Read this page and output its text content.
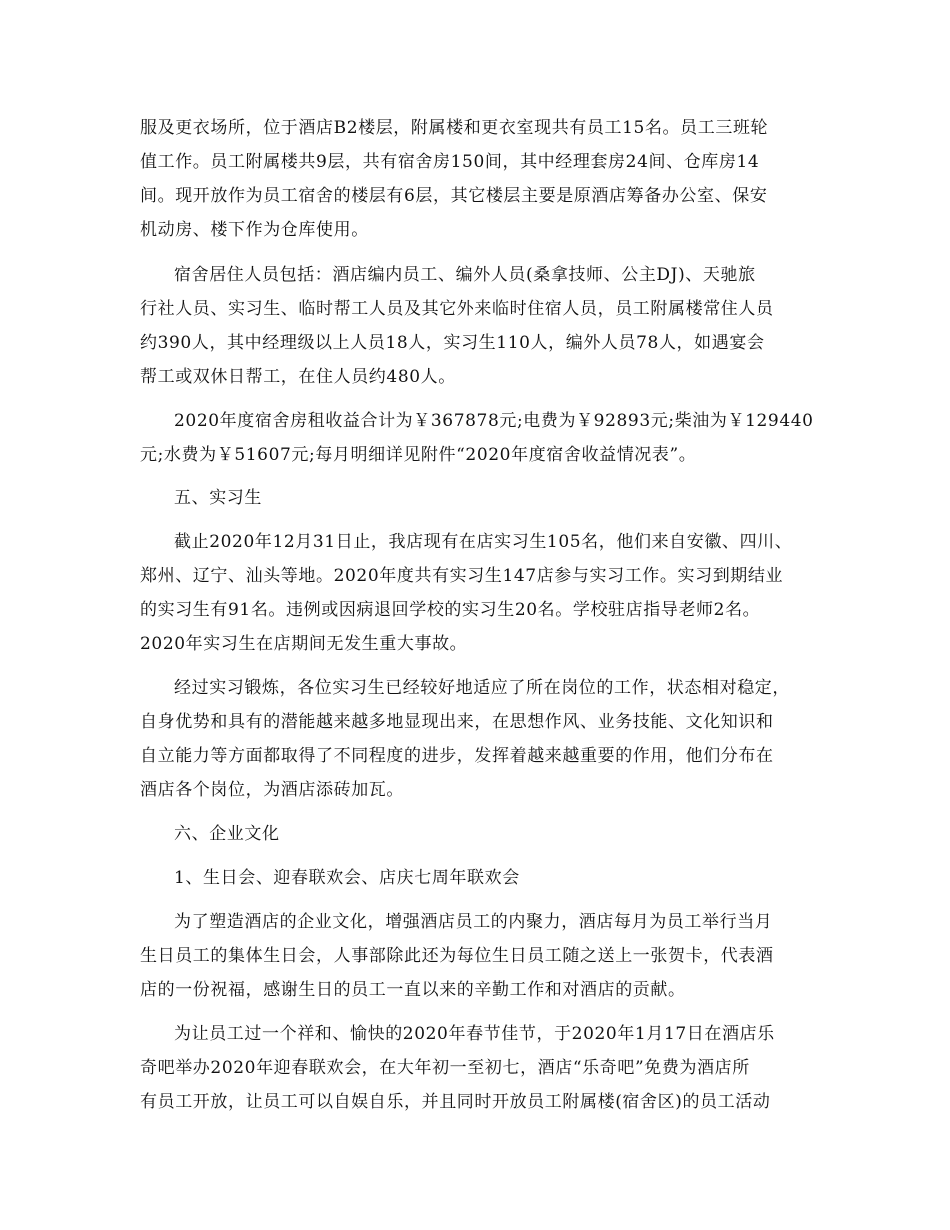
服及更衣场所，位于酒店B2楼层，附属楼和更衣室现共有员工15名。员工三班轮
值工作。员工附属楼共9层，共有宿舍房150间，其中经理套房24间、仓库房14
间。现开放作为员工宿舍的楼层有6层，其它楼层主要是原酒店筹备办公室、保安
机动房、楼下作为仓库使用。
宿舍居住人员包括：酒店编内员工、编外人员(桑拿技师、公主DJ)、天驰旅
行社人员、实习生、临时帮工人员及其它外来临时住宿人员，员工附属楼常住人员
约390人，其中经理级以上人员18人，实习生110人，编外人员78人，如遇宴会
帮工或双休日帮工，在住人员约480人。
2020年度宿舍房租收益合计为￥367878元;电费为￥92893元;柴油为￥129440
元;水费为￥51607元;每月明细详见附件“2020年度宿舍收益情况表”。
五、实习生
截止2020年12月31日止，我店现有在店实习生105名，他们来自安徽、四川、
郑州、辽宁、汕头等地。2020年度共有实习生147店参与实习工作。实习到期结业
的实习生有91名。违例或因病退回学校的实习生20名。学校驻店指导老师2名。
2020年实习生在店期间无发生重大事故。
经过实习锻炼，各位实习生已经较好地适应了所在岗位的工作，状态相对稳定，
自身优势和具有的潜能越来越多地显现出来，在思想作风、业务技能、文化知识和
自立能力等方面都取得了不同程度的进步，发挥着越来越重要的作用，他们分布在
酒店各个岗位，为酒店添砖加瓦。
六、企业文化
1、生日会、迎春联欢会、店庆七周年联欢会
为了塑造酒店的企业文化，增强酒店员工的内聚力，酒店每月为员工举行当月
生日员工的集体生日会，人事部除此还为每位生日员工随之送上一张贺卡，代表酒
店的一份祝福，感谢生日的员工一直以来的辛勤工作和对酒店的贡献。
为让员工过一个祥和、愉快的2020年春节佳节，于2020年1月17日在酒店乐
奇吧举办2020年迎春联欢会，在大年初一至初七，酒店“乐奇吧”免费为酒店所
有员工开放，让员工可以自娱自乐，并且同时开放员工附属楼(宿舍区)的员工活动
